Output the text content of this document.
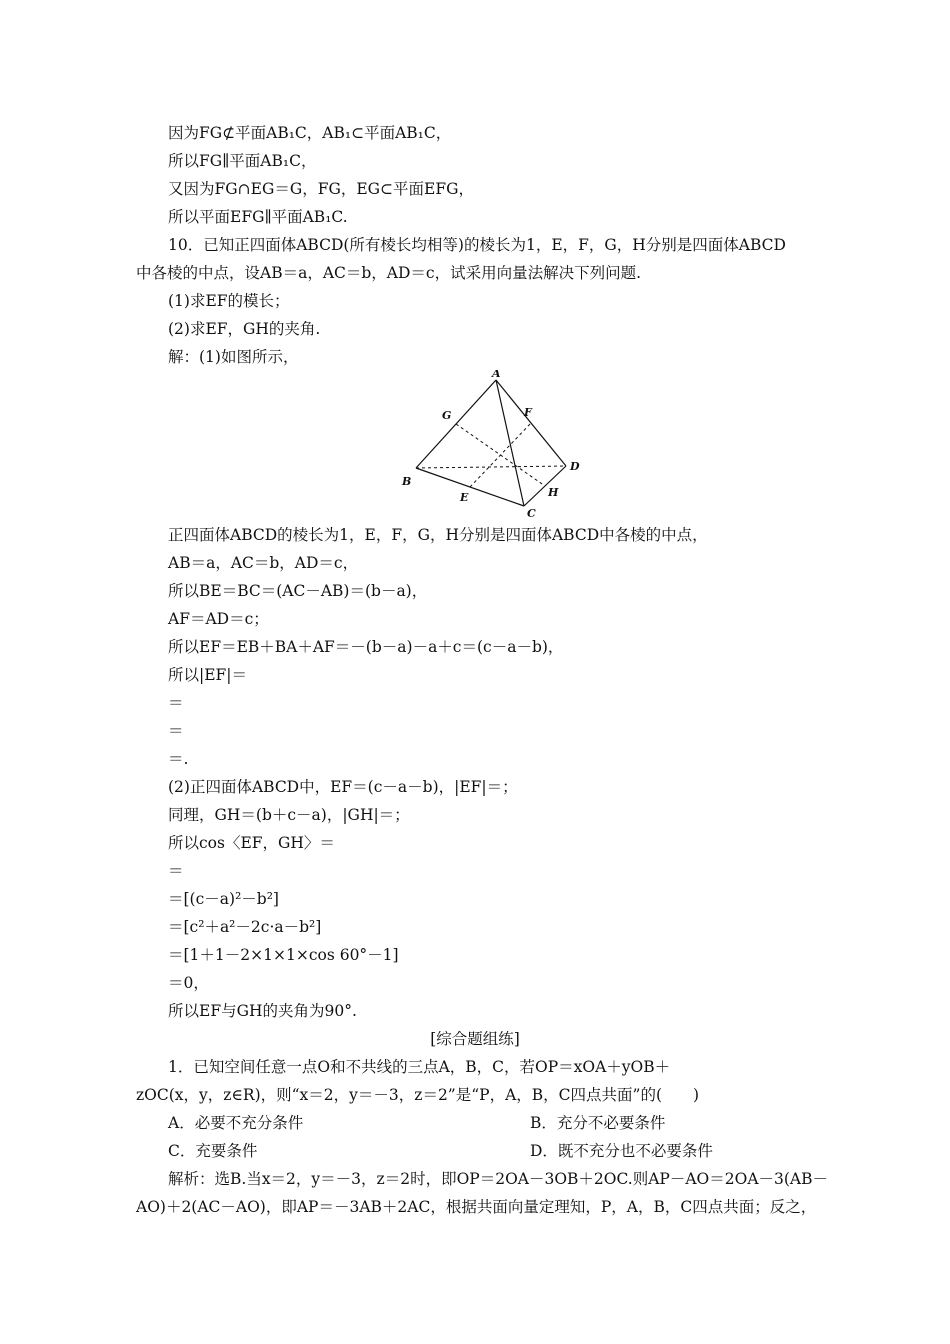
因为FG⊄平面AB₁C，AB₁⊂平面AB₁C，
所以FG∥平面AB₁C，
又因为FG∩EG＝G，FG，EG⊂平面EFG，
所以平面EFG∥平面AB₁C.
10．已知正四面体ABCD(所有棱长均相等)的棱长为1，E，F，G，H分别是四面体ABCD
中各棱的中点，设AB＝a，AC＝b，AD＝c，试采用向量法解决下列问题.
(1)求EF的模长；
(2)求EF，GH的夹角.
解：(1)如图所示，
A
B
C
D
E
F
G
H
正四面体ABCD的棱长为1，E，F，G，H分别是四面体ABCD中各棱的中点，
AB＝a，AC＝b，AD＝c，
所以BE＝BC＝(AC－AB)＝(b－a)，
AF＝AD＝c；
所以EF＝EB＋BA＋AF＝－(b－a)－a＋c＝(c－a－b)，
所以|EF|＝
＝
＝
＝.
(2)正四面体ABCD中，EF＝(c－a－b)，|EF|＝；
同理，GH＝(b＋c－a)，|GH|＝；
所以cos〈EF，GH〉＝
＝
＝[(c－a)²－b²]
＝[c²＋a²－2c·a－b²]
＝[1＋1－2×1×1×cos 60°－1]
＝0，
所以EF与GH的夹角为90°.
[综合题组练]
1．已知空间任意一点O和不共线的三点A，B，C，若OP＝xOA＋yOB＋
zOC(x，y，z∈R)，则“x＝2，y＝－3，z＝2”是“P，A，B，C四点共面”的(　　)
A．必要不充分条件	B．充分不必要条件
C．充要条件	D．既不充分也不必要条件
解析：选B.当x＝2，y＝－3，z＝2时，即OP＝2OA－3OB＋2OC.则AP－AO＝2OA－3(AB－
AO)＋2(AC－AO)，即AP＝－3AB＋2AC，根据共面向量定理知，P，A，B，C四点共面；反之，
